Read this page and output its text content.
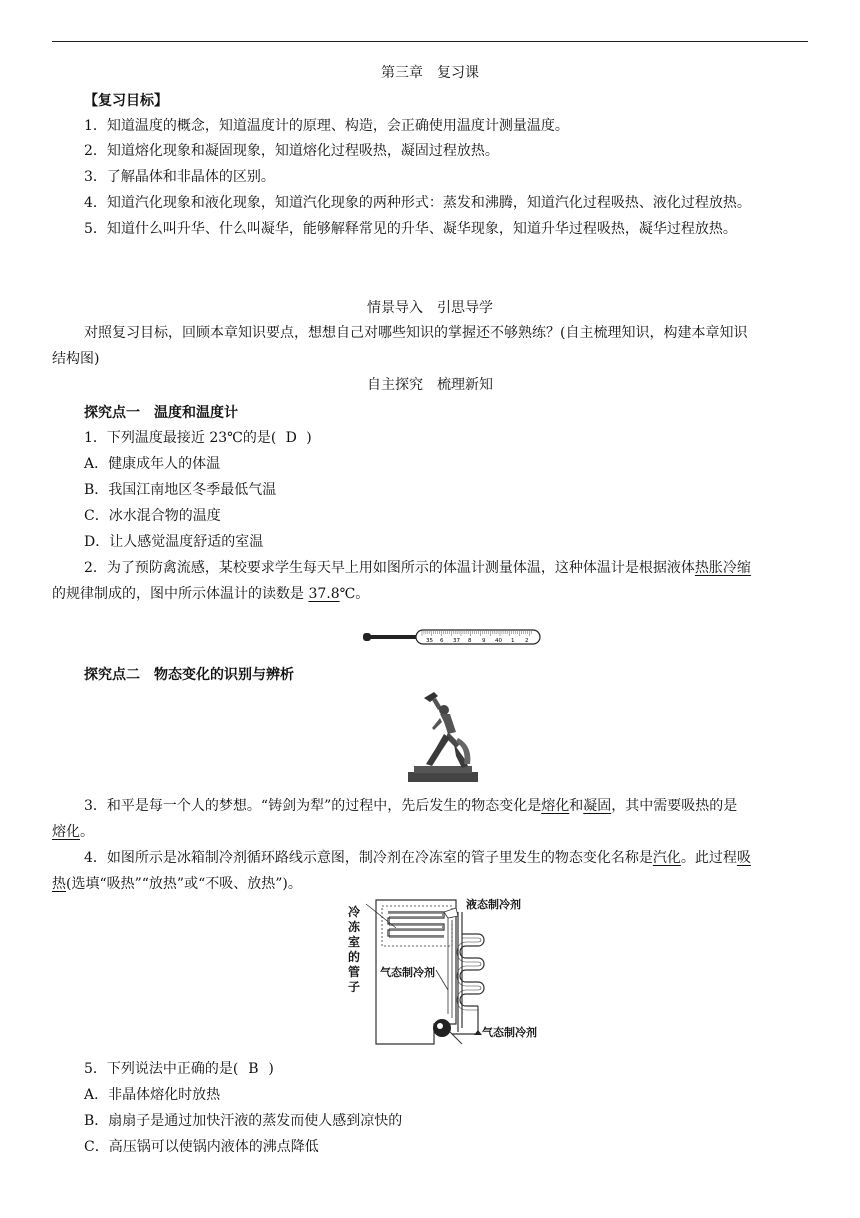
第三章　复习课
【复习目标】
1．知道温度的概念，知道温度计的原理、构造，会正确使用温度计测量温度。
2．知道熔化现象和凝固现象，知道熔化过程吸热，凝固过程放热。
3．了解晶体和非晶体的区别。
4．知道汽化现象和液化现象，知道汽化现象的两种形式：蒸发和沸腾，知道汽化过程吸热、液化过程放热。
5．知道什么叫升华、什么叫凝华，能够解释常见的升华、凝华现象，知道升华过程吸热，凝华过程放热。
情景导入　引思导学
对照复习目标，回顾本章知识要点，想想自己对哪些知识的掌握还不够熟练？(自主梳理知识，构建本章知识
结构图)
自主探究　梳理新知
探究点一　温度和温度计
1．下列温度最接近 23℃的是( D )
A．健康成年人的体温
B．我国江南地区冬季最低气温
C．冰水混合物的温度
D．让人感觉温度舒适的室温
2．为了预防禽流感，某校要求学生每天早上用如图所示的体温计测量体温，这种体温计是根据液体热胀冷缩
的规律制成的，图中所示体温计的读数是 37.8℃。
35 6 37 8 9 40 1 2
探究点二　物态变化的识别与辨析
3．和平是每一个人的梦想。“铸剑为犁”的过程中，先后发生的物态变化是熔化和凝固，其中需要吸热的是
熔化。
4．如图所示是冰箱制冷剂循环路线示意图，制冷剂在冷冻室的管子里发生的物态变化名称是汽化。此过程吸
热(选填“吸热”“放热”或“不吸、放热”)。
冷
冻
室
的
管
子
液态制冷剂
气态制冷剂
气态制冷剂
5．下列说法中正确的是( B )
A．非晶体熔化时放热
B．扇扇子是通过加快汗液的蒸发而使人感到凉快的
C．高压锅可以使锅内液体的沸点降低
